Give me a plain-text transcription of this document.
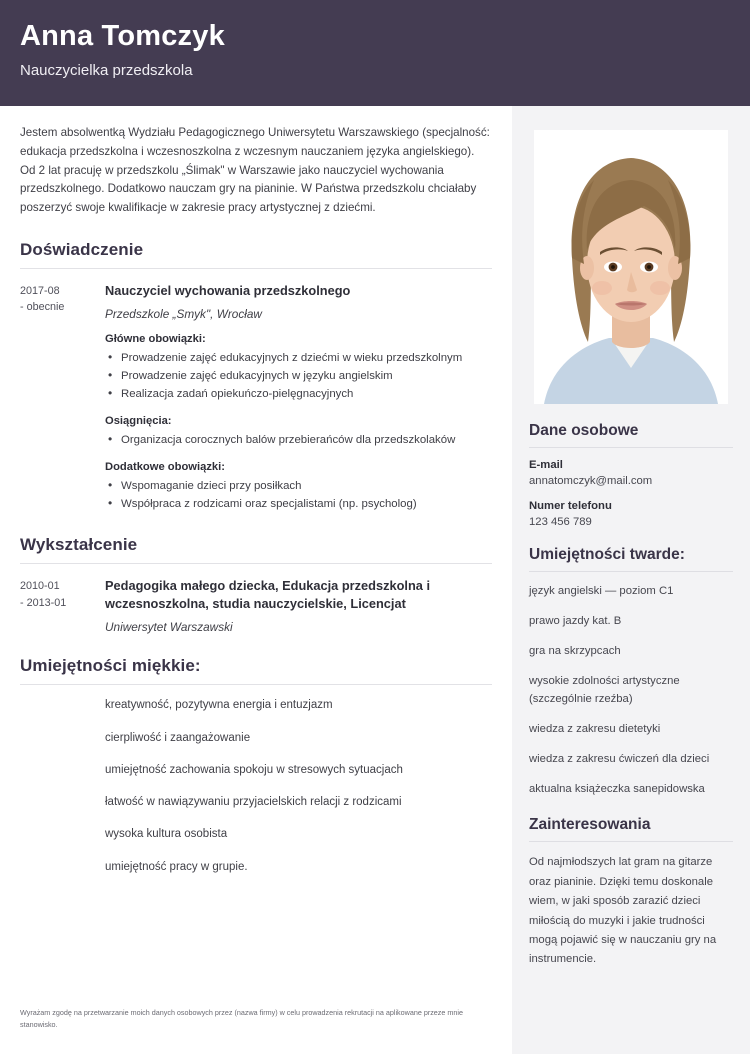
Anna Tomczyk
Nauczycielka przedszkola
Jestem absolwentką Wydziału Pedagogicznego Uniwersytetu Warszawskiego (specjalność: edukacja przedszkolna i wczesnoszkolna z wczesnym nauczaniem języka angielskiego). Od 2 lat pracuję w przedszkolu „Ślimak" w Warszawie jako nauczyciel wychowania przedszkolnego. Dodatkowo nauczam gry na pianinie. W Państwa przedszkolu chciałaby poszerzyć swoje kwalifikacje w zakresie pracy artystycznej z dziećmi.
Doświadczenie
2017-08
- obecnie
Nauczyciel wychowania przedszkolnego
Przedszkole „Smyk", Wrocław
Główne obowiązki:
• Prowadzenie zajęć edukacyjnych z dziećmi w wieku przedszkolnym
• Prowadzenie zajęć edukacyjnych w języku angielskim
• Realizacja zadań opiekuńczo-pielęgnacyjnych
Osiągnięcia:
• Organizacja corocznych balów przebierańców dla przedszkolaków
Dodatkowe obowiązki:
• Wspomaganie dzieci przy posiłkach
• Współpraca z rodzicami oraz specjalistami (np. psycholog)
Wykształcenie
2010-01
- 2013-01
Pedagogika małego dziecka, Edukacja przedszkolna i wczesnoszkolna, studia nauczycielskie, Licencjat
Uniwersytet Warszawski
Umiejętności miękkie:
kreatywność, pozytywna energia i entuzjazm
cierpliwość i zaangażowanie
umiejętność zachowania spokoju w stresowych sytuacjach
łatwość w nawiązywaniu przyjacielskich relacji z rodzicami
wysoka kultura osobista
umiejętność pracy w grupie.
Dane osobowe
E-mail
annatomczyk@mail.com
Numer telefonu
123 456 789
Umiejętności twarde:
język angielski — poziom C1
prawo jazdy kat. B
gra na skrzypcach
wysokie zdolności artystyczne (szczególnie rzeźba)
wiedza z zakresu dietetyki
wiedza z zakresu ćwiczeń dla dzieci
aktualna książeczka sanepidowska
Zainteresowania
Od najmłodszych lat gram na gitarze oraz pianinie. Dzięki temu doskonale wiem, w jaki sposób zarazić dzieci miłością do muzyki i jakie trudności mogą pojawić się w nauczaniu gry na instrumencie.
Wyrażam zgodę na przetwarzanie moich danych osobowych przez (nazwa firmy) w celu prowadzenia rekrutacji na aplikowane przeze mnie stanowisko.
